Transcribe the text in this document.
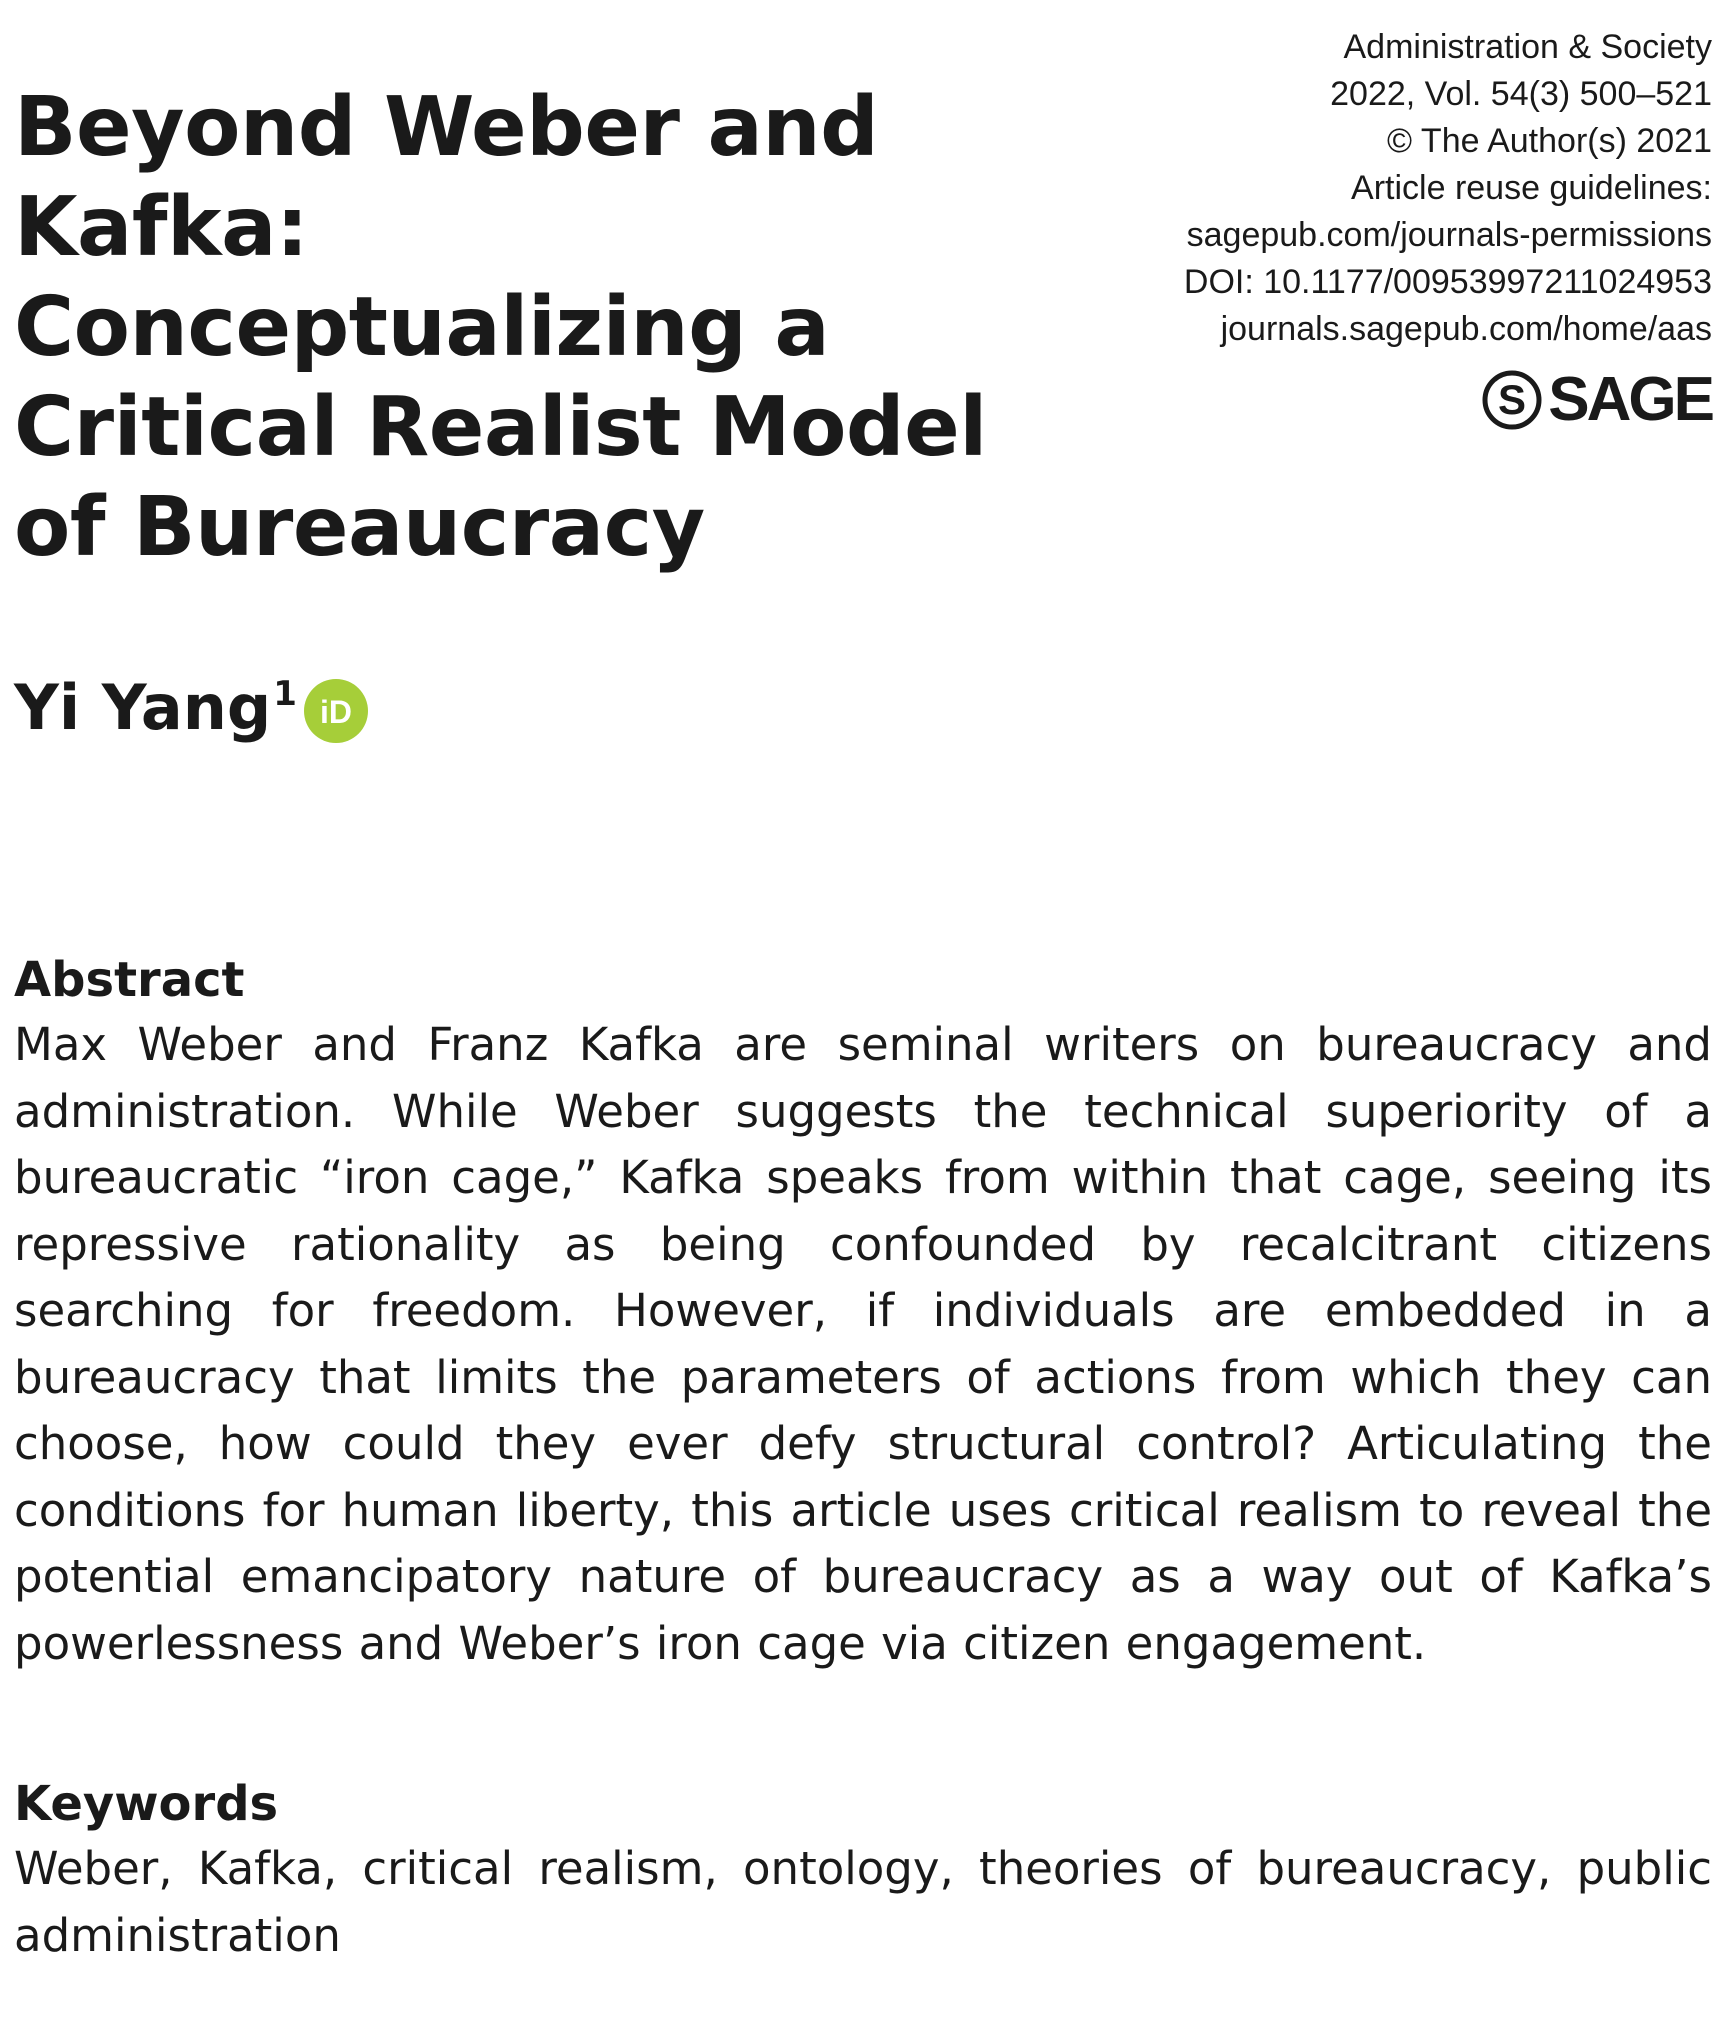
Beyond Weber and Kafka: Conceptualizing a Critical Realist Model of Bureaucracy
Administration & Society
2022, Vol. 54(3) 500–521
© The Author(s) 2021
Article reuse guidelines:
sagepub.com/journals-permissions
DOI: 10.1177/00953997211024953
journals.sagepub.com/home/aas
S SAGE
Yi Yang$^1$ iD
Abstract

Max Weber and Franz Kafka are seminal writers on bureaucracy and administration. While Weber suggests the technical superiority of a bureaucratic “iron cage,” Kafka speaks from within that cage, seeing its repressive rationality as being confounded by recalcitrant citizens searching for freedom. However, if individuals are embedded in a bureaucracy that limits the parameters of actions from which they can choose, how could they ever defy structural control? Articulating the conditions for human liberty, this article uses critical realism to reveal the potential emancipatory nature of bureaucracy as a way out of Kafka’s powerlessness and Weber’s iron cage via citizen engagement.

Keywords

Weber, Kafka, critical realism, ontology, theories of bureaucracy, public administration
